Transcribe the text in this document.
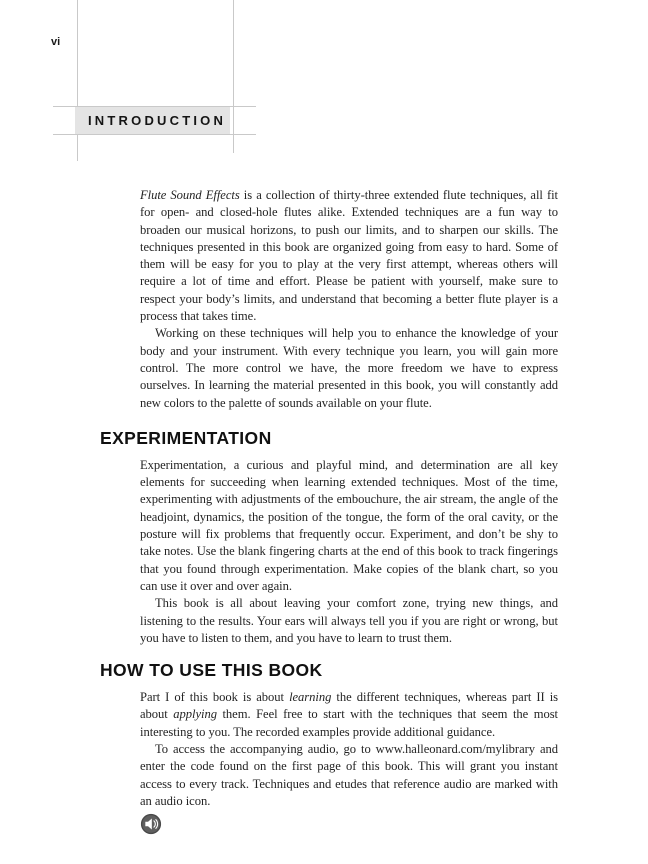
vi
INTRODUCTION

Flute Sound Effects is a collection of thirty-three extended flute techniques, all fit for open- and closed-hole flutes alike. Extended techniques are a fun way to broaden our musical horizons, to push our limits, and to sharpen our skills. The techniques presented in this book are organized going from easy to hard. Some of them will be easy for you to play at the very first attempt, whereas others will require a lot of time and effort. Please be patient with yourself, make sure to respect your body’s limits, and understand that becoming a better flute player is a process that takes time.

Working on these techniques will help you to enhance the knowledge of your body and your instrument. With every technique you learn, you will gain more control. The more control we have, the more freedom we have to express ourselves. In learning the material presented in this book, you will constantly add new colors to the palette of sounds available on your flute.

EXPERIMENTATION

Experimentation, a curious and playful mind, and determination are all key elements for succeeding when learning extended techniques. Most of the time, experimenting with adjustments of the embouchure, the air stream, the angle of the headjoint, dynamics, the position of the tongue, the form of the oral cavity, or the posture will fix problems that frequently occur. Experiment, and don’t be shy to take notes. Use the blank fingering charts at the end of this book to track fingerings that you found through experimentation. Make copies of the blank chart, so you can use it over and over again.

This book is all about leaving your comfort zone, trying new things, and listening to the results. Your ears will always tell you if you are right or wrong, but you have to listen to them, and you have to learn to trust them.

HOW TO USE THIS BOOK

Part I of this book is about learning the different techniques, whereas part II is about applying them. Feel free to start with the techniques that seem the most interesting to you. The recorded examples provide additional guidance.

To access the accompanying audio, go to www.halleonard.com/mylibrary and enter the code found on the first page of this book. This will grant you instant access to every track. Techniques and etudes that reference audio are marked with an audio icon.
